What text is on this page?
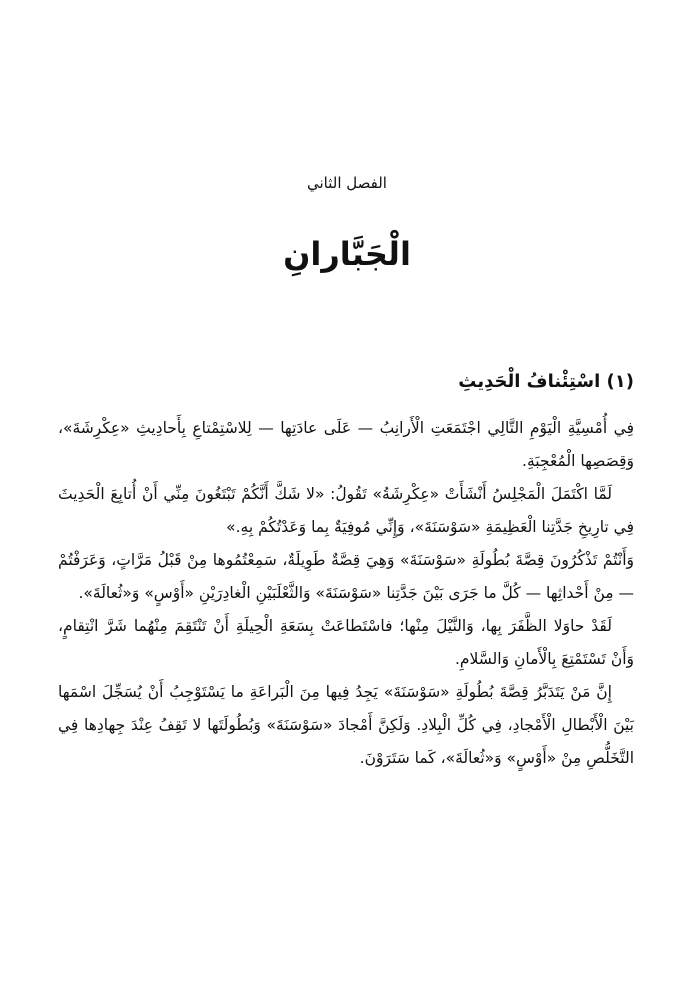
الفصل الثاني
الْجَبَّارانِ
(١) اسْتِئْنافُ الْحَدِيثِ

فِي أُمْسِيَّةِ الْيَوْمِ التَّالِي اجْتَمَعَتِ الْأَرانِبُ — عَلَى عادَتِها — لِلاسْتِمْتاعِ بِأَحادِيثِ «عِكْرِشَةَ»، وَقِصَصِها الْمُعْجِبَةِ.

لَمَّا اكْتَمَلَ الْمَجْلِسُ أَنْشَأَتْ «عِكْرِشَةُ» تَقُولُ: «لا شَكَّ أَنَّكُمْ تَبْتَغُونَ مِنِّي أَنْ أُتابِعَ الْحَدِيثَ فِي تارِيخِ جَدَّتِنا الْعَظِيمَةِ «سَوْسَنَةَ»، وَإِنِّي مُوفِيَةٌ بِما وَعَدْتُكُمْ بِهِ.»

وَأَنْتُمْ تَذْكُرُونَ قِصَّةَ بُطُولَةِ «سَوْسَنَةَ» وَهِيَ قِصَّةٌ طَوِيلَةٌ، سَمِعْتُمُوها مِنْ قَبْلُ مَرَّاتٍ، وَعَرَفْتُمْ — مِنْ أَحْداثِها — كُلَّ ما جَرَى بَيْنَ جَدَّتِنا «سَوْسَنَةَ» وَالثَّعْلَبَيْنِ الْغادِرَيْنِ «أَوْسٍ» وَ«ثُعالَةَ».

لَقَدْ حاوَلا الظَّفَرَ بِها، وَالنَّيْلَ مِنْها؛ فاسْتَطاعَتْ بِسَعَةِ الْحِيلَةِ أَنْ تَنْتَقِمَ مِنْهُما شَرَّ انْتِقامٍ، وَأَنْ تَسْتَمْتِعَ بِالْأَمانِ وَالسَّلامِ.

إِنَّ مَنْ يَتَدَبَّرُ قِصَّةَ بُطُولَةِ «سَوْسَنَةَ» يَجِدُ فِيها مِنَ الْبَراعَةِ ما يَسْتَوْجِبُ أَنْ يُسَجِّلَ اسْمَها بَيْنَ الْأَبْطالِ الْأَمْجادِ، فِي كُلِّ الْبِلادِ. وَلَكِنَّ أَمْجادَ «سَوْسَنَةَ» وَبُطُولَتَها لا تَقِفُ عِنْدَ جِهادِها فِي التَّخَلُّصِ مِنْ «أَوْسٍ» وَ«ثُعالَةَ»، كَما سَتَرَوْنَ.
